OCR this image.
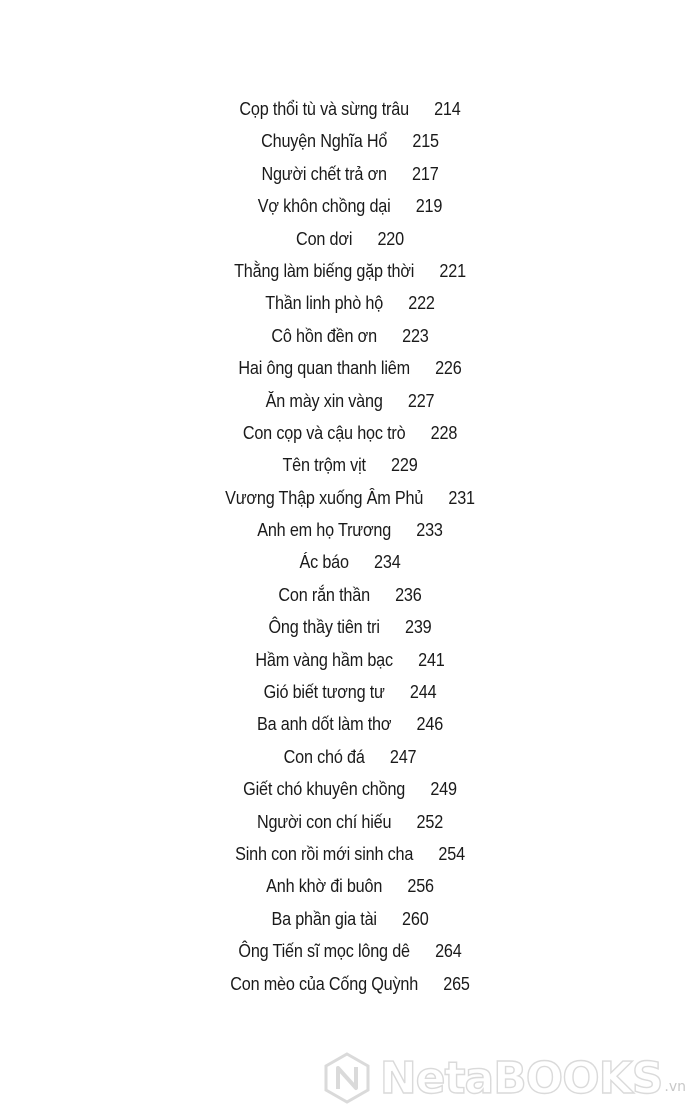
Cọp thổi tù và sừng trâu 214
Chuyện Nghĩa Hổ 215
Người chết trả ơn 217
Vợ khôn chồng dại 219
Con dơi 220
Thằng làm biếng gặp thời 221
Thần linh phò hộ 222
Cô hồn đền ơn 223
Hai ông quan thanh liêm 226
Ăn mày xin vàng 227
Con cọp và cậu học trò 228
Tên trộm vịt 229
Vương Thập xuống Âm Phủ 231
Anh em họ Trương 233
Ác báo 234
Con rắn thần 236
Ông thầy tiên tri 239
Hầm vàng hầm bạc 241
Gió biết tương tư 244
Ba anh dốt làm thơ 246
Con chó đá 247
Giết chó khuyên chồng 249
Người con chí hiếu 252
Sinh con rồi mới sinh cha 254
Anh khờ đi buôn 256
Ba phần gia tài 260
Ông Tiến sĩ mọc lông dê 264
Con mèo của Cống Quỳnh 265
NetaBOOKS .vn
